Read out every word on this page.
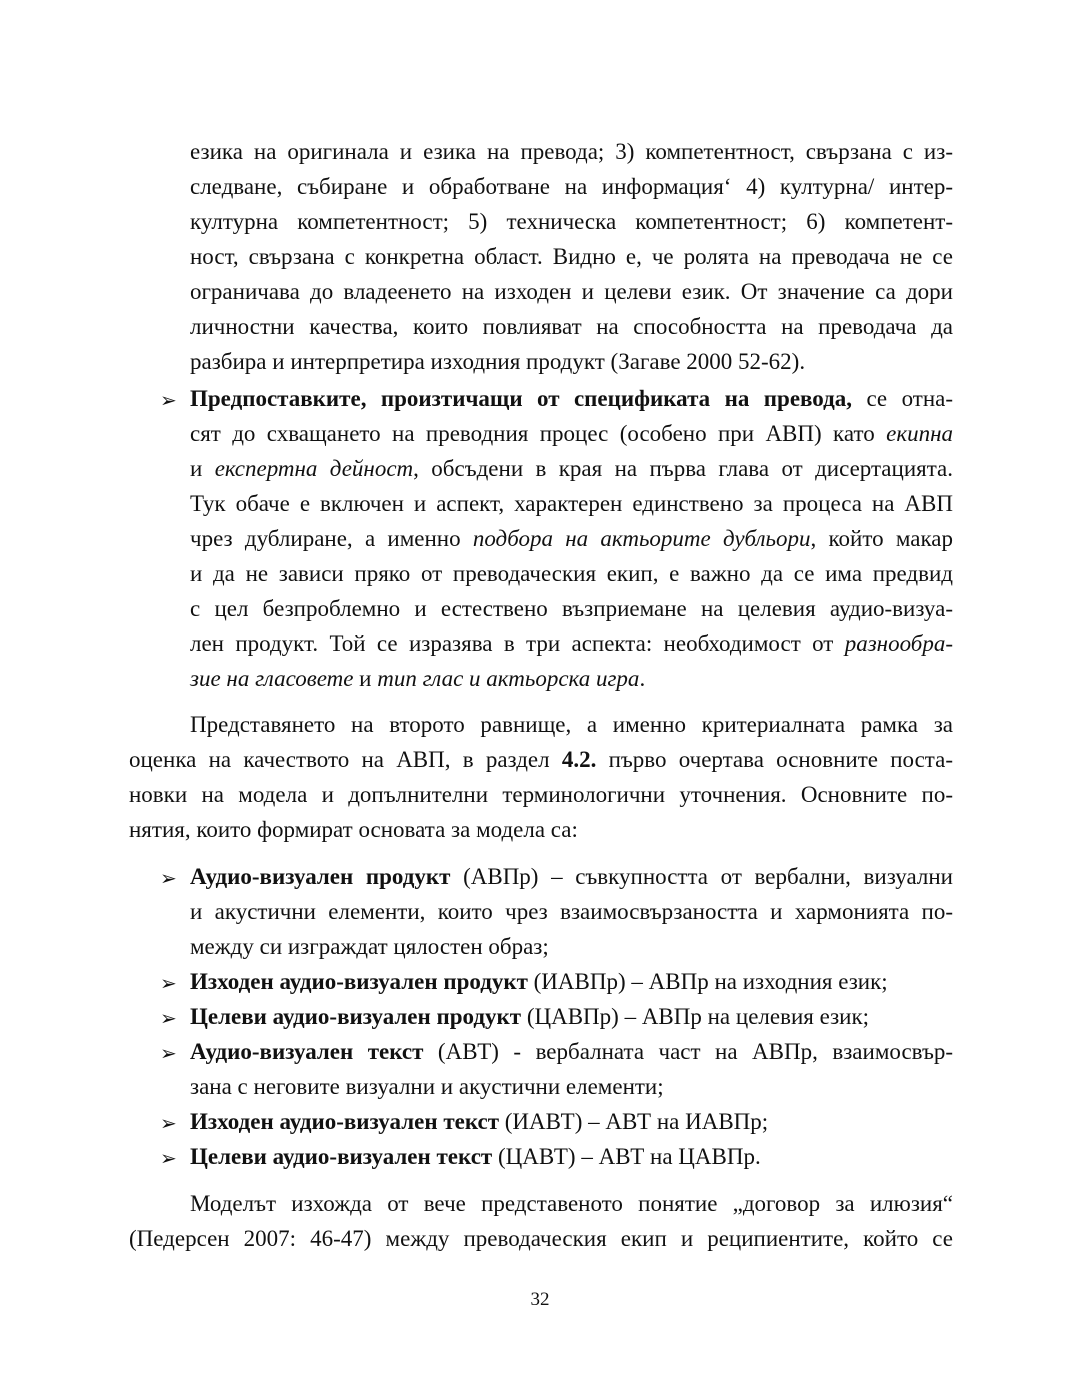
езика на оригинала и езика на превода; 3) компетентност, свързана с из-
следване, събиране и обработване на информация‘ 4) културна/ интер-
културна компетентност; 5) техническа компетентност; 6) компетент-
ност, свързана с конкретна област. Видно е, че ролята на преводача не се
ограничава до владеенето на изходен и целеви език. От значение са дори
личностни качества, които повлияват на способността на преводача да
разбира и интерпретира изходния продукт (Загаве 2000 52-62).
➢ Предпоставките, произтичащи от спецификата на превода, се отна-
сят до схващането на преводния процес (особено при АВП) като екипна
и експертна дейност, обсъдени в края на първа глава от дисертацията.
Тук обаче е включен и аспект, характерен единствено за процеса на АВП
чрез дублиране, а именно подбора на актьорите дубльори, който макар
и да не зависи пряко от преводаческия екип, е важно да се има предвид
с цел безпроблемно и естествено възприемане на целевия аудио-визуа-
лен продукт. Той се изразява в три аспекта: необходимост от разнообра-
зие на гласовете и тип глас и актьорска игра.
Представянето на второто равнище, а именно критериалната рамка за
оценка на качеството на АВП, в раздел 4.2. първо очертава основните поста-
новки на модела и допълнителни терминологични уточнения. Основните по-
нятия, които формират основата за модела са:
➢ Аудио-визуален продукт (АВПр) – съвкупността от вербални, визуални
и акустични елементи, които чрез взаимосвързаността и хармонията по-
между си изграждат цялостен образ;
➢ Изходен аудио-визуален продукт (ИАВПр) – АВПр на изходния език;
➢ Целеви аудио-визуален продукт (ЦАВПр) – АВПр на целевия език;
➢ Аудио-визуален текст (АВТ) - вербалната част на АВПр, взаимосвър-
зана с неговите визуални и акустични елементи;
➢ Изходен аудио-визуален текст (ИАВТ) – АВТ на ИАВПр;
➢ Целеви аудио-визуален текст (ЦАВТ) – АВТ на ЦАВПр.
Моделът изхожда от вече представеното понятие „договор за илюзия“
(Педерсен 2007: 46-47) между преводаческия екип и реципиентите, който се
32
